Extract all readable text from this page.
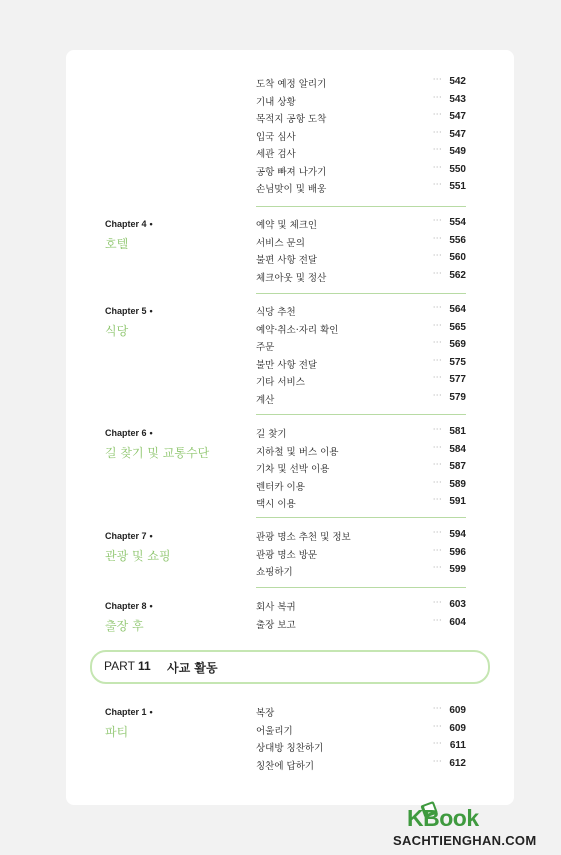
도착 예정 알리기	··· 542
기내 상황	··· 543
목적지 공항 도착	··· 547
입국 심사	··· 547
세관 검사	··· 549
공항 빠져 나가기	··· 550
손님맞이 및 배웅	··· 551
Chapter 4 •
호텔
예약 및 체크인	··· 554
서비스 문의	··· 556
불편 사항 전달	··· 560
체크아웃 및 정산	··· 562
Chapter 5 •
식당
식당 추천	··· 564
예약·취소·자리 확인	··· 565
주문	··· 569
불만 사항 전달	··· 575
기타 서비스	··· 577
계산	··· 579
Chapter 6 •
길 찾기 및 교통수단
길 찾기	··· 581
지하철 및 버스 이용	··· 584
기차 및 선박 이용	··· 587
렌터카 이용	··· 589
택시 이용	··· 591
Chapter 7 •
관광 및 쇼핑
관광 명소 추천 및 정보	··· 594
관광 명소 방문	··· 596
쇼핑하기	··· 599
Chapter 8 •
출장 후
회사 복귀	··· 603
출장 보고	··· 604
PART 11 사교 활동
Chapter 1 •
파티
복장	··· 609
어울리기	··· 609
상대방 칭찬하기	··· 611
칭찬에 답하기	··· 612
KBook
SACHTIENGHAN.COM
